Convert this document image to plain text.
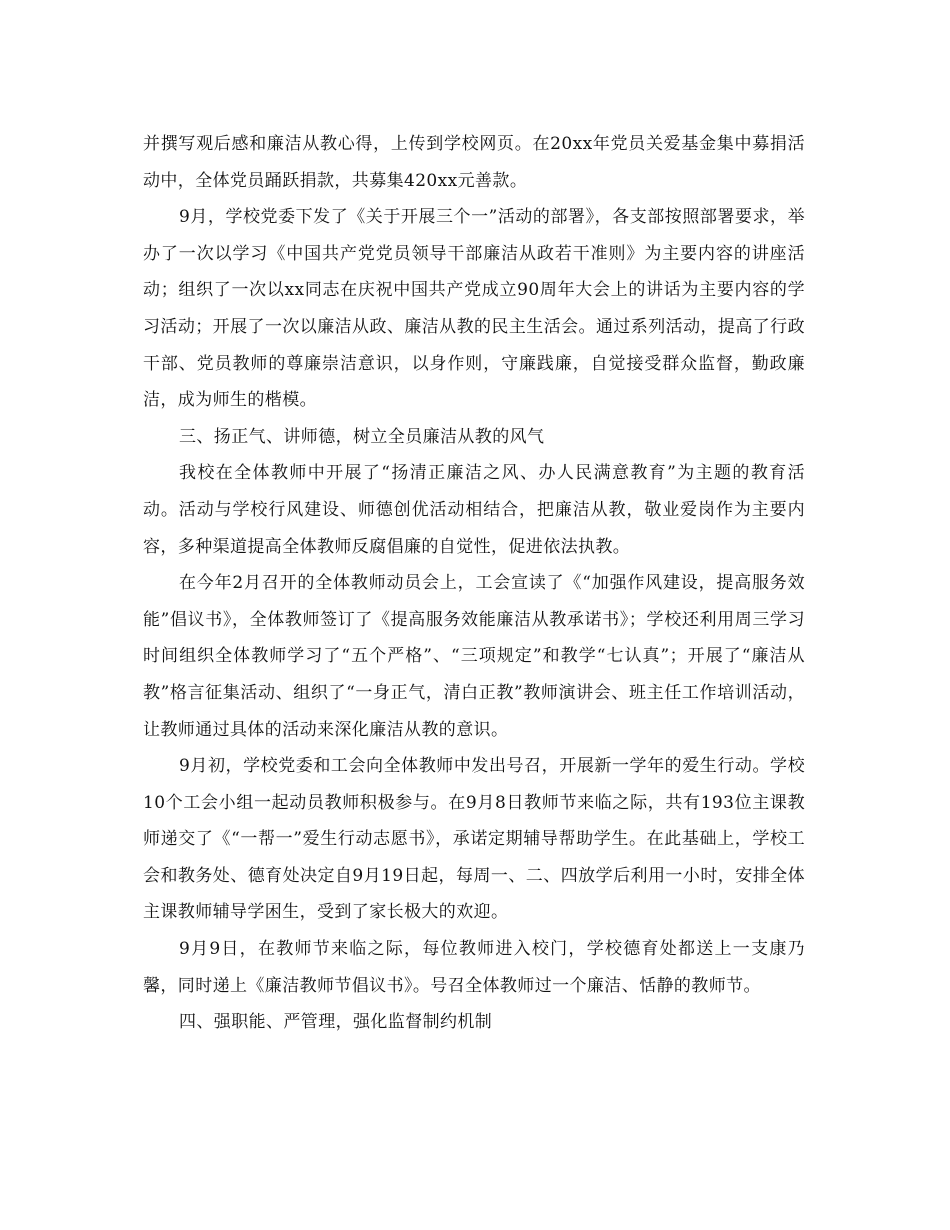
并撰写观后感和廉洁从教心得，上传到学校网页。在20xx年党员关爱基金集中募捐活动中，全体党员踊跃捐款，共募集420xx元善款。

9月，学校党委下发了《关于开展三个一”活动的部署》，各支部按照部署要求，举办了一次以学习《中国共产党党员领导干部廉洁从政若干准则》为主要内容的讲座活动；组织了一次以xx同志在庆祝中国共产党成立90周年大会上的讲话为主要内容的学习活动；开展了一次以廉洁从政、廉洁从教的民主生活会。通过系列活动，提高了行政干部、党员教师的尊廉崇洁意识，以身作则，守廉践廉，自觉接受群众监督，勤政廉洁，成为师生的楷模。

三、扬正气、讲师德，树立全员廉洁从教的风气

我校在全体教师中开展了“扬清正廉洁之风、办人民满意教育”为主题的教育活动。活动与学校行风建设、师德创优活动相结合，把廉洁从教，敬业爱岗作为主要内容，多种渠道提高全体教师反腐倡廉的自觉性，促进依法执教。

在今年2月召开的全体教师动员会上，工会宣读了《“加强作风建设，提高服务效能”倡议书》，全体教师签订了《提高服务效能廉洁从教承诺书》；学校还利用周三学习时间组织全体教师学习了“五个严格”、“三项规定”和教学“七认真”；开展了“廉洁从教”格言征集活动、组织了“一身正气，清白正教”教师演讲会、班主任工作培训活动，让教师通过具体的活动来深化廉洁从教的意识。

9月初，学校党委和工会向全体教师中发出号召，开展新一学年的爱生行动。学校10个工会小组一起动员教师积极参与。在9月8日教师节来临之际，共有193位主课教师递交了《“一帮一”爱生行动志愿书》，承诺定期辅导帮助学生。在此基础上，学校工会和教务处、德育处决定自9月19日起，每周一、二、四放学后利用一小时，安排全体主课教师辅导学困生，受到了家长极大的欢迎。

9月9日，在教师节来临之际，每位教师进入校门，学校德育处都送上一支康乃馨，同时递上《廉洁教师节倡议书》。号召全体教师过一个廉洁、恬静的教师节。

四、强职能、严管理，强化监督制约机制
